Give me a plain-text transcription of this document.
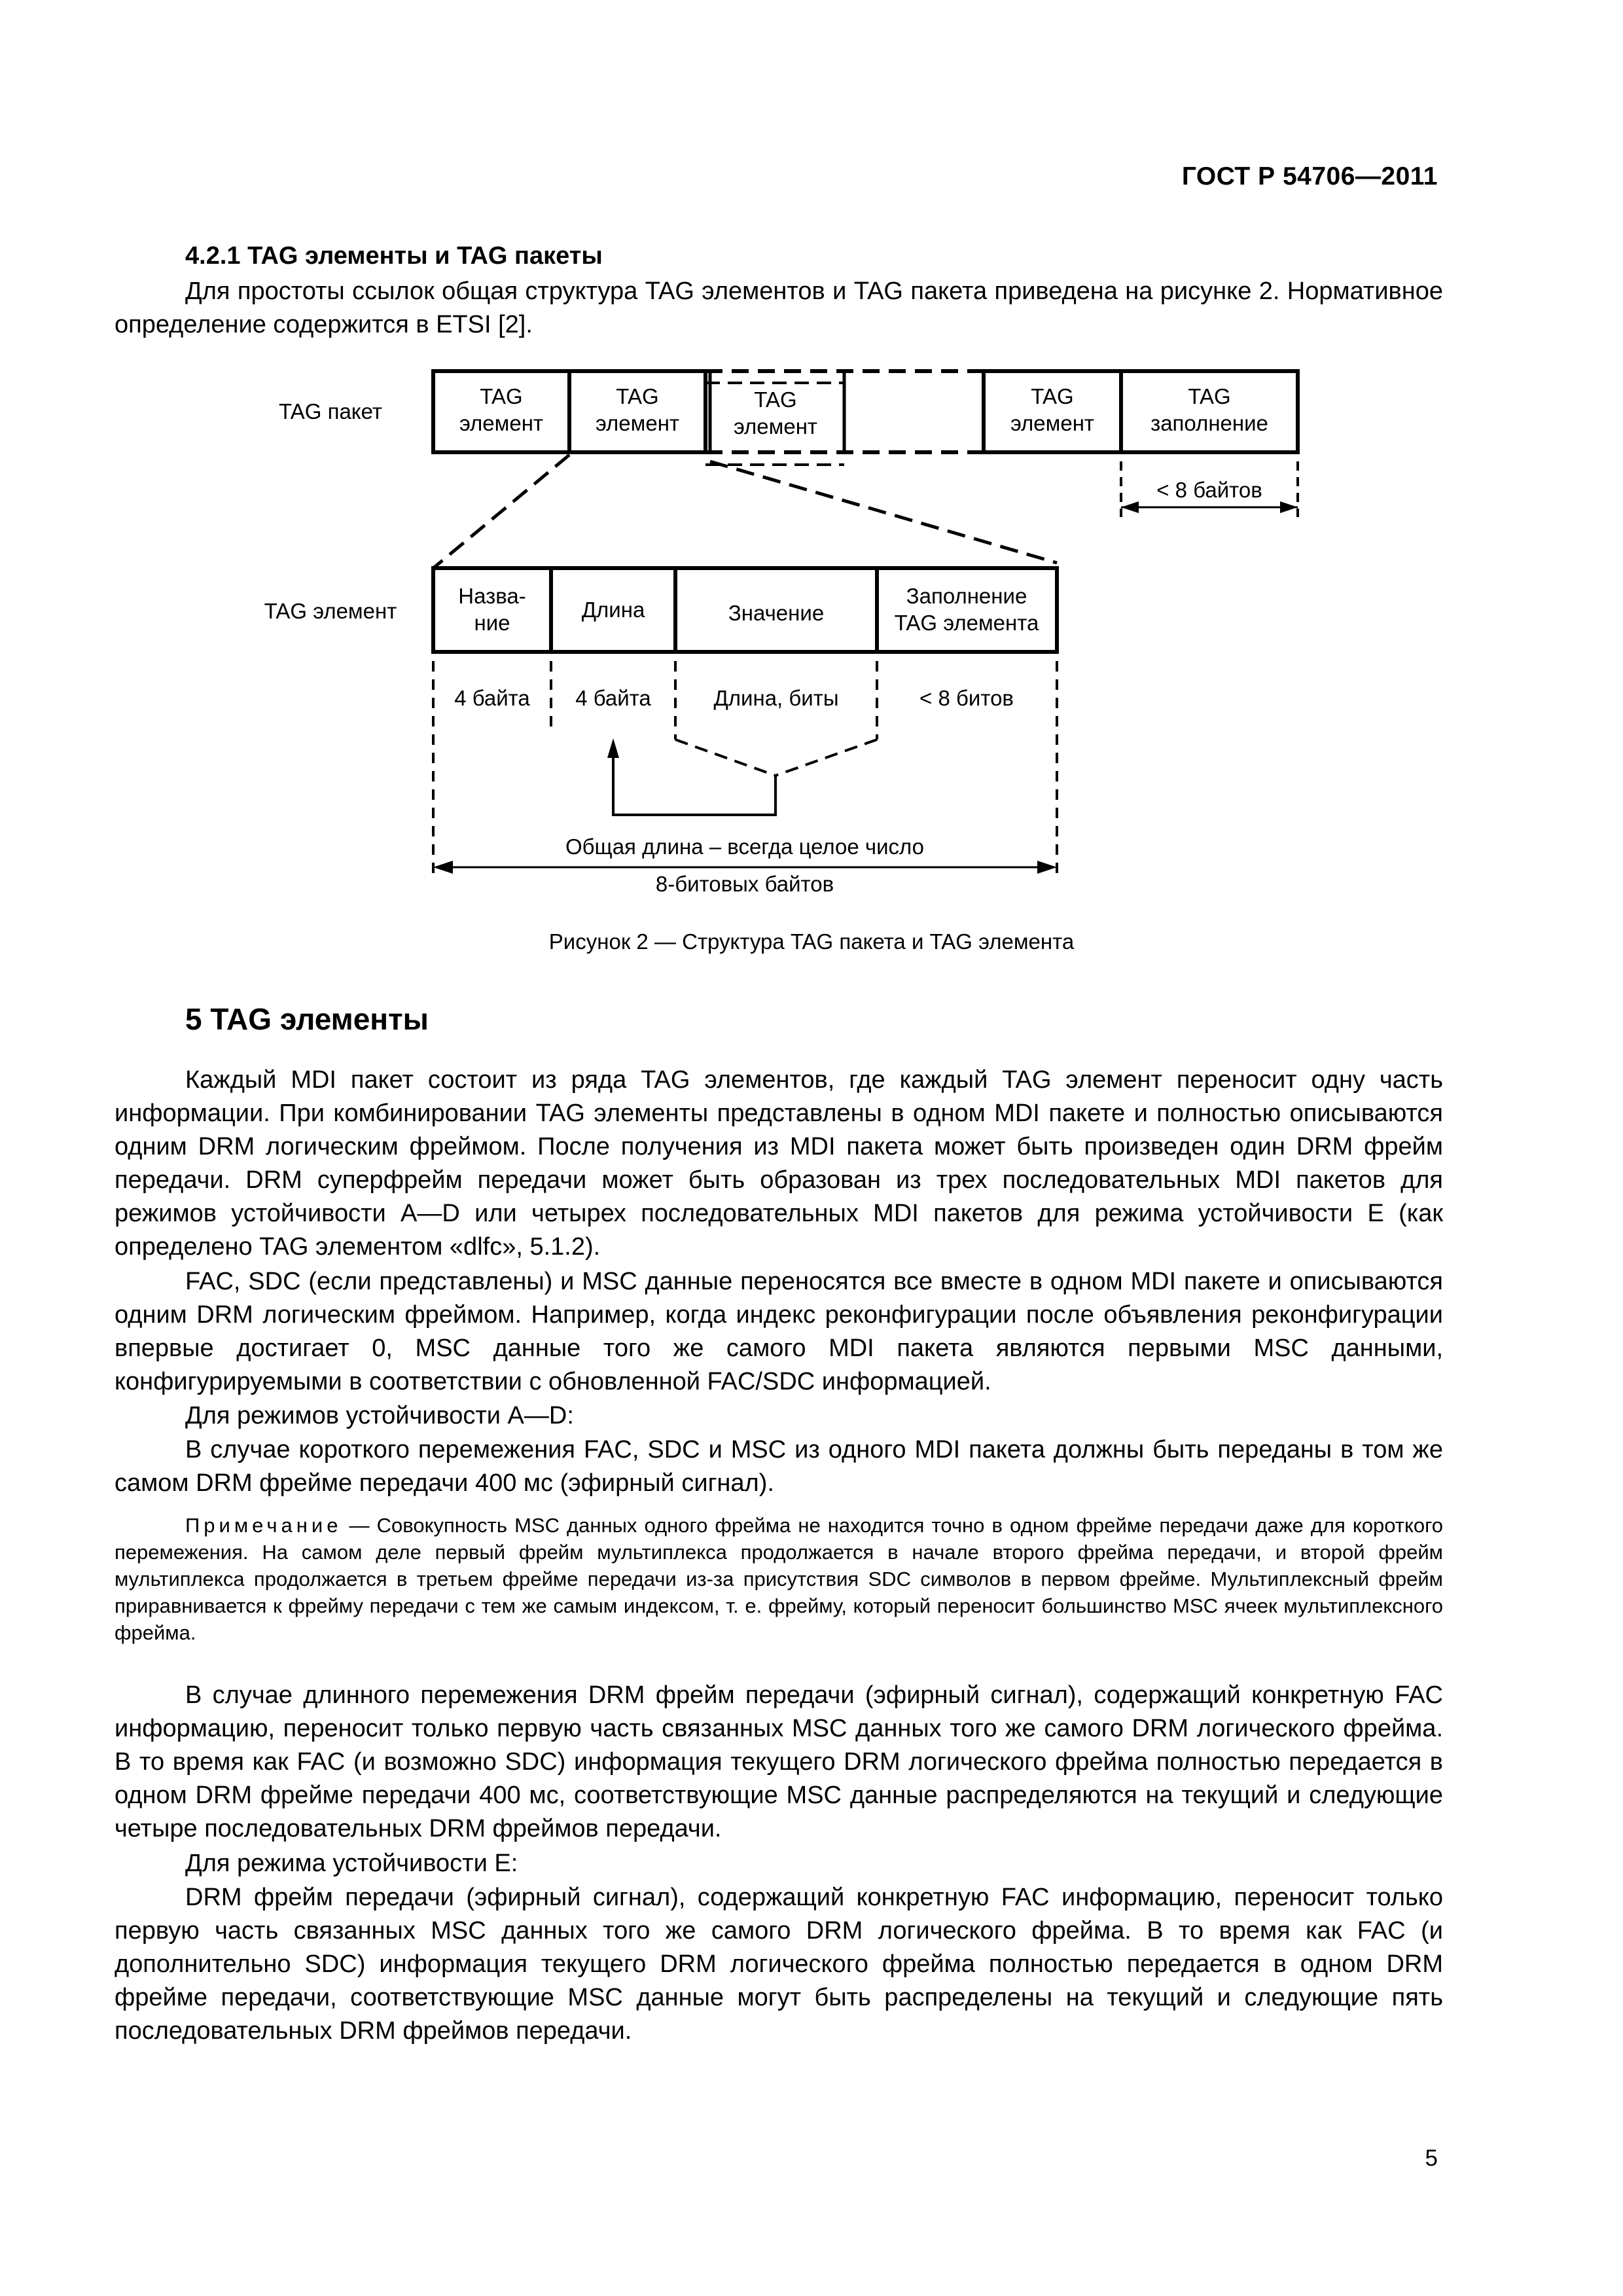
ГОСТ Р 54706—2011
4.2.1 TAG элементы и TAG пакеты

Для простоты ссылок общая структура TAG элементов и TAG пакета приведена на рисунке 2. Нормативное определение содержится в ETSI [2].

TAG пакет
TAG элемент
TAG
элемент
TAG
элемент
TAG
элемент
TAG
элемент
TAG
заполнение
< 8 байтов
Назва-
ние
Длина	Значение
Заполнение
TAG элемента
4 байта 4 байта	Длина, биты	< 8 битов
Общая длина – всегда целое число
8-битовых байтов
Рисунок 2 — Структура TAG пакета и TAG элемента
5 TAG элементы

Каждый MDI пакет состоит из ряда TAG элементов, где каждый TAG элемент переносит одну часть информации. При комбинировании TAG элементы представлены в одном MDI пакете и полностью описываются одним DRM логическим фреймом. После получения из MDI пакета может быть произведен один DRM фрейм передачи. DRM суперфрейм передачи может быть образован из трех последовательных MDI пакетов для режимов устойчивости A—D или четырех последовательных MDI пакетов для режима устойчивости E (как определено TAG элементом «dlfc», 5.1.2).

FAC, SDC (если представлены) и MSC данные переносятся все вместе в одном MDI пакете и описываются одним DRM логическим фреймом. Например, когда индекс реконфигурации после объявления реконфигурации впервые достигает 0, MSC данные того же самого MDI пакета являются первыми MSC данными, конфигурируемыми в соответствии с обновленной FAC/SDC информацией.

Для режимов устойчивости A—D:

В случае короткого перемежения FAC, SDC и MSC из одного MDI пакета должны быть переданы в том же самом DRM фрейме передачи 400 мс (эфирный сигнал).

Примечание — Совокупность MSC данных одного фрейма не находится точно в одном фрейме передачи даже для короткого перемежения. На самом деле первый фрейм мультиплекса продолжается в начале второго фрейма передачи, и второй фрейм мультиплекса продолжается в третьем фрейме передачи из-за присутствия SDC символов в первом фрейме. Мультиплексный фрейм приравнивается к фрейму передачи с тем же самым индексом, т. е. фрейму, который переносит большинство MSC ячеек мультиплексного фрейма.

В случае длинного перемежения DRM фрейм передачи (эфирный сигнал), содержащий конкретную FAC информацию, переносит только первую часть связанных MSC данных того же самого DRM логического фрейма. В то время как FAC (и возможно SDC) информация текущего DRM логического фрейма полностью передается в одном DRM фрейме передачи 400 мс, соответствующие MSC данные распределяются на текущий и следующие четыре последовательных DRM фреймов передачи.

Для режима устойчивости E:

DRM фрейм передачи (эфирный сигнал), содержащий конкретную FAC информацию, переносит только первую часть связанных MSC данных того же самого DRM логического фрейма. В то время как FAC (и дополнительно SDC) информация текущего DRM логического фрейма полностью передается в одном DRM фрейме передачи, соответствующие MSC данные могут быть распределены на текущий и следующие пять последовательных DRM фреймов передачи.

5
